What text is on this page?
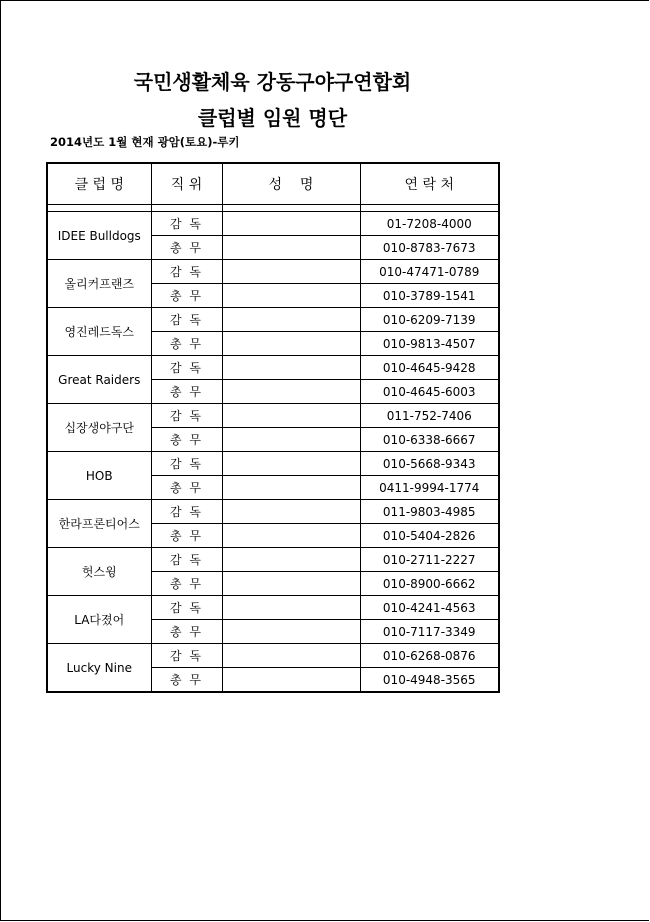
국민생활체육 강동구야구연합회
클럽별 임원 명단
2014년도 1월 현재 광암(토요)-루키
클 럽 명	직 위	성    명	연 락 처

IDEE Bulldogs	감 독		01-7208-4000
	총 무		010-8783-7673
올리커프랜즈	감 독		010-47471-0789
	총 무		010-3789-1541
영진레드독스	감 독		010-6209-7139
	총 무		010-9813-4507
Great Raiders	감 독		010-4645-9428
	총 무		010-4645-6003
십장생야구단	감 독		011-752-7406
	총 무		010-6338-6667
HOB	감 독		010-5668-9343
	총 무		0411-9994-1774
한라프론티어스	감 독		011-9803-4985
	총 무		010-5404-2826
헛스윙	감 독		010-2711-2227
	총 무		010-8900-6662
LA다졌어	감 독		010-4241-4563
	총 무		010-7117-3349
Lucky Nine	감 독		010-6268-0876
	총 무		010-4948-3565
